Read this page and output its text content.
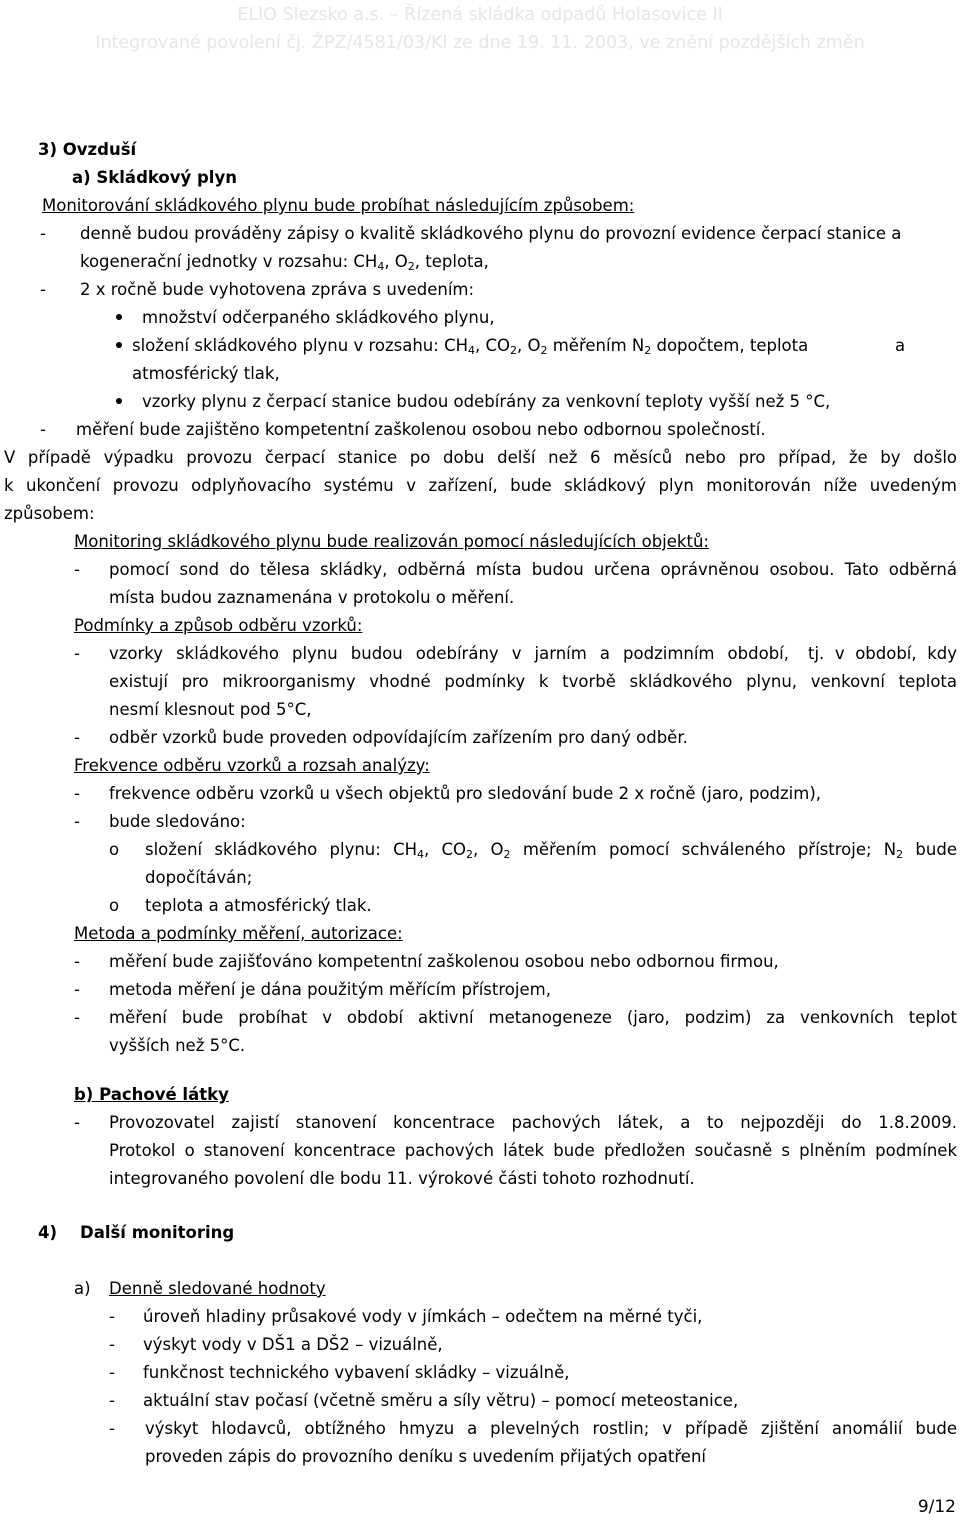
ELIO Slezsko a.s. – Řízená skládka odpadů Holasovice II
Integrované povolení čj. ŽPZ/4581/03/Kl ze dne 19. 11. 2003, ve znění pozdějších změn
3) Ovzduší
a) Skládkový plyn
Monitorování skládkového plynu bude probíhat následujícím způsobem:
- denně budou prováděny zápisy o kvalitě skládkového plynu do provozní evidence čerpací stanice a
kogenerační jednotky v rozsahu: $CH_4$, $O_2$, teplota,
- 2 x ročně bude vyhotovena zpráva s uvedením:
množství odčerpaného skládkového plynu,
složení skládkového plynu v rozsahu: $CH_4$, $CO_2$, $O_2$ měřením $N_2$ dopočtem, teplota	a
atmosférický tlak,
vzorky plynu z čerpací stanice budou odebírány za venkovní teploty vyšší než 5 °C,
- měření bude zajištěno kompetentní zaškolenou osobou nebo odbornou společností.
V případě výpadku provozu čerpací stanice po dobu delší než 6 měsíců nebo pro případ, že by došlo
k ukončení provozu odplyňovacího systému v zařízení, bude skládkový plyn monitorován níže uvedeným
způsobem:
Monitoring skládkového plynu bude realizován pomocí následujících objektů:
- pomocí sond do tělesa skládky, odběrná místa budou určena oprávněnou osobou. Tato odběrná
místa budou zaznamenána v protokolu o měření.
Podmínky a způsob odběru vzorků:
- vzorky skládkového plynu budou odebírány v jarním a podzimním období, tj. v období, kdy
existují pro mikroorganismy vhodné podmínky k tvorbě skládkového plynu, venkovní teplota
nesmí klesnout pod 5°C,
- odběr vzorků bude proveden odpovídajícím zařízením pro daný odběr.
Frekvence odběru vzorků a rozsah analýzy:
- frekvence odběru vzorků u všech objektů pro sledování bude 2 x ročně (jaro, podzim),
- bude sledováno:
o složení skládkového plynu: $CH_4$, $CO_2$, $O_2$ měřením pomocí schváleného přístroje; $N_2$ bude
dopočítáván;
o teplota a atmosférický tlak.
Metoda a podmínky měření, autorizace:
- měření bude zajišťováno kompetentní zaškolenou osobou nebo odbornou firmou,
- metoda měření je dána použitým měřícím přístrojem,
- měření bude probíhat v období aktivní metanogeneze (jaro, podzim) za venkovních teplot
vyšších než 5°C.
b) Pachové látky
- Provozovatel zajistí stanovení koncentrace pachových látek, a to nejpozději do 1.8.2009.
Protokol o stanovení koncentrace pachových látek bude předložen současně s plněním podmínek
integrovaného povolení dle bodu 11. výrokové části tohoto rozhodnutí.
4) Další monitoring
a) Denně sledované hodnoty
- úroveň hladiny průsakové vody v jímkách – odečtem na měrné tyči,
- výskyt vody v DŠ1 a DŠ2 – vizuálně,
- funkčnost technického vybavení skládky – vizuálně,
- aktuální stav počasí (včetně směru a síly větru) – pomocí meteostanice,
- výskyt hlodavců, obtížného hmyzu a plevelných rostlin; v případě zjištění anomálií bude
proveden zápis do provozního deníku s uvedením přijatých opatření
9/12
